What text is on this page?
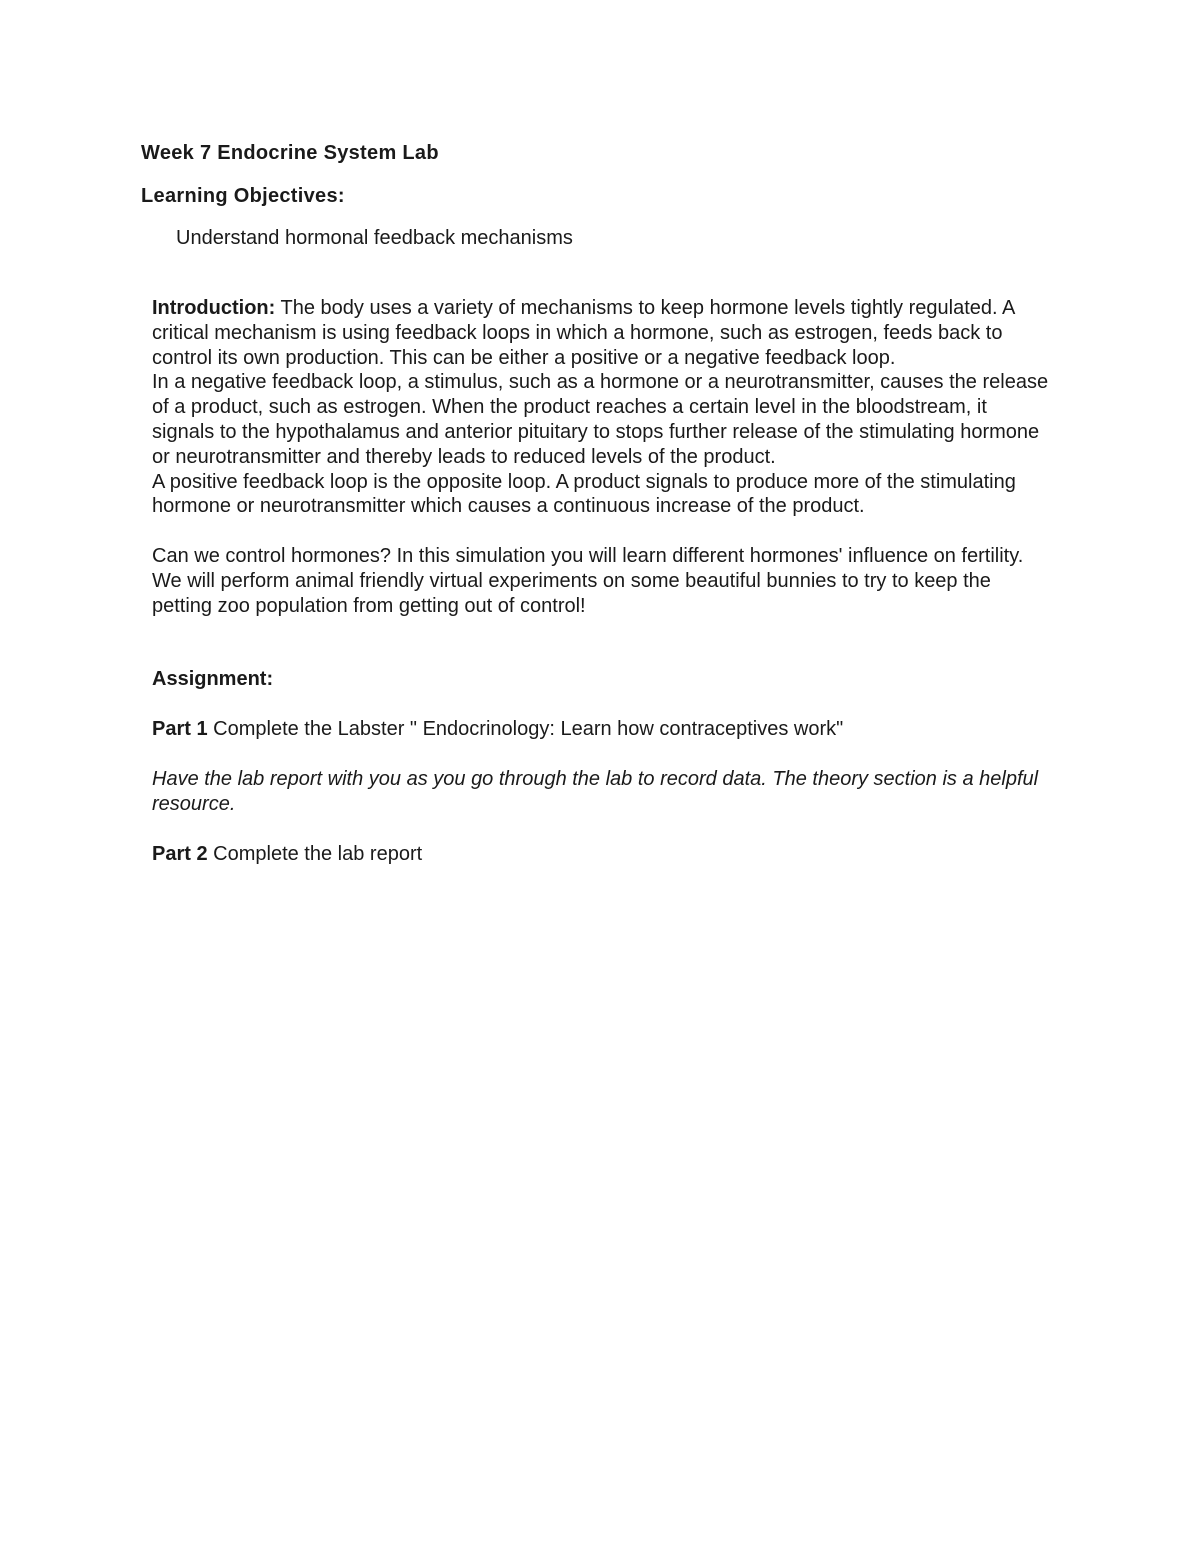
Week 7 Endocrine System Lab
Learning Objectives:

Understand hormonal feedback mechanisms

Introduction: The body uses a variety of mechanisms to keep hormone levels tightly regulated. A critical mechanism is using feedback loops in which a hormone, such as estrogen, feeds back to control its own production. This can be either a positive or a negative feedback loop.

In a negative feedback loop, a stimulus, such as a hormone or a neurotransmitter, causes the release of a product, such as estrogen. When the product reaches a certain level in the bloodstream, it signals to the hypothalamus and anterior pituitary to stops further release of the stimulating hormone or neurotransmitter and thereby leads to reduced levels of the product.

A positive feedback loop is the opposite loop. A product signals to produce more of the stimulating hormone or neurotransmitter which causes a continuous increase of the product.

Can we control hormones? In this simulation you will learn different hormones' influence on fertility. We will perform animal friendly virtual experiments on some beautiful bunnies to try to keep the petting zoo population from getting out of control!

Assignment:

Part 1 Complete the Labster " Endocrinology: Learn how contraceptives work"

Have the lab report with you as you go through the lab to record data. The theory section is a helpful resource.

Part 2 Complete the lab report
